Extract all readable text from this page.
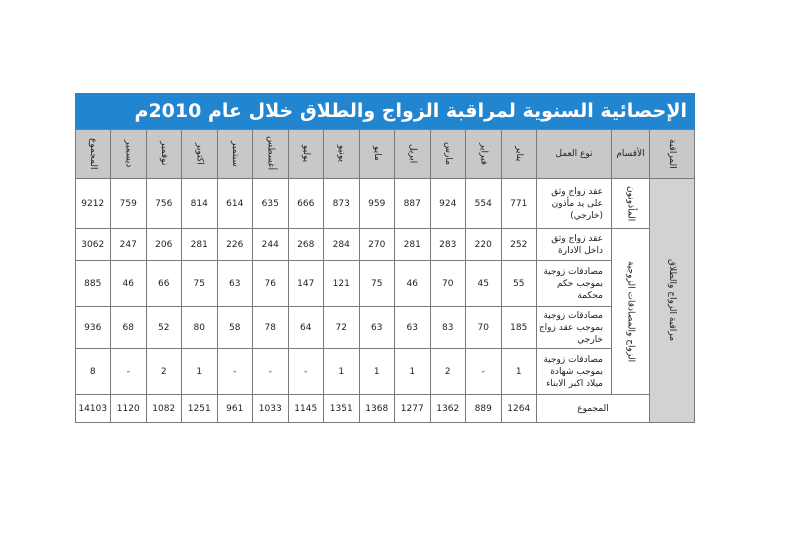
الإحصائية السنوية لمراقبة الزواج والطلاق خلال عام 2010م
المراقبة
الأقسام
نوع العمل
مراقبة الزواج والطلاق
المأذونون
الزواج والمصادقات الزوجية
المجموع
يناير
فبراير
مارس
ابريل
مايو
يونيو
يوليو
أغسطس
سبتمبر
اكتوبر
نوفمبر
ديسمبر
المجموع
عقد زواج وثق على يد مأذون (خارجي)
771
554
924
887
959
873
666
635
614
814
756
759
9212
عقد زواج وثق داخل الادارة
252
220
283
281
270
284
268
244
226
281
206
247
3062
مصادقات زوجية بموجب حكم محكمة
55
45
70
46
75
121
147
76
63
75
66
46
885
مصادقات زوجية بموجب عقد زواج خارجي
185
70
83
63
63
72
64
78
58
80
52
68
936
مصادقات زوجية بموجب شهادة ميلاد اكبر الابناء
1
-
2
1
1
1
-
-
-
1
2
-
8
1264
889
1362
1277
1368
1351
1145
1033
961
1251
1082
1120
14103
